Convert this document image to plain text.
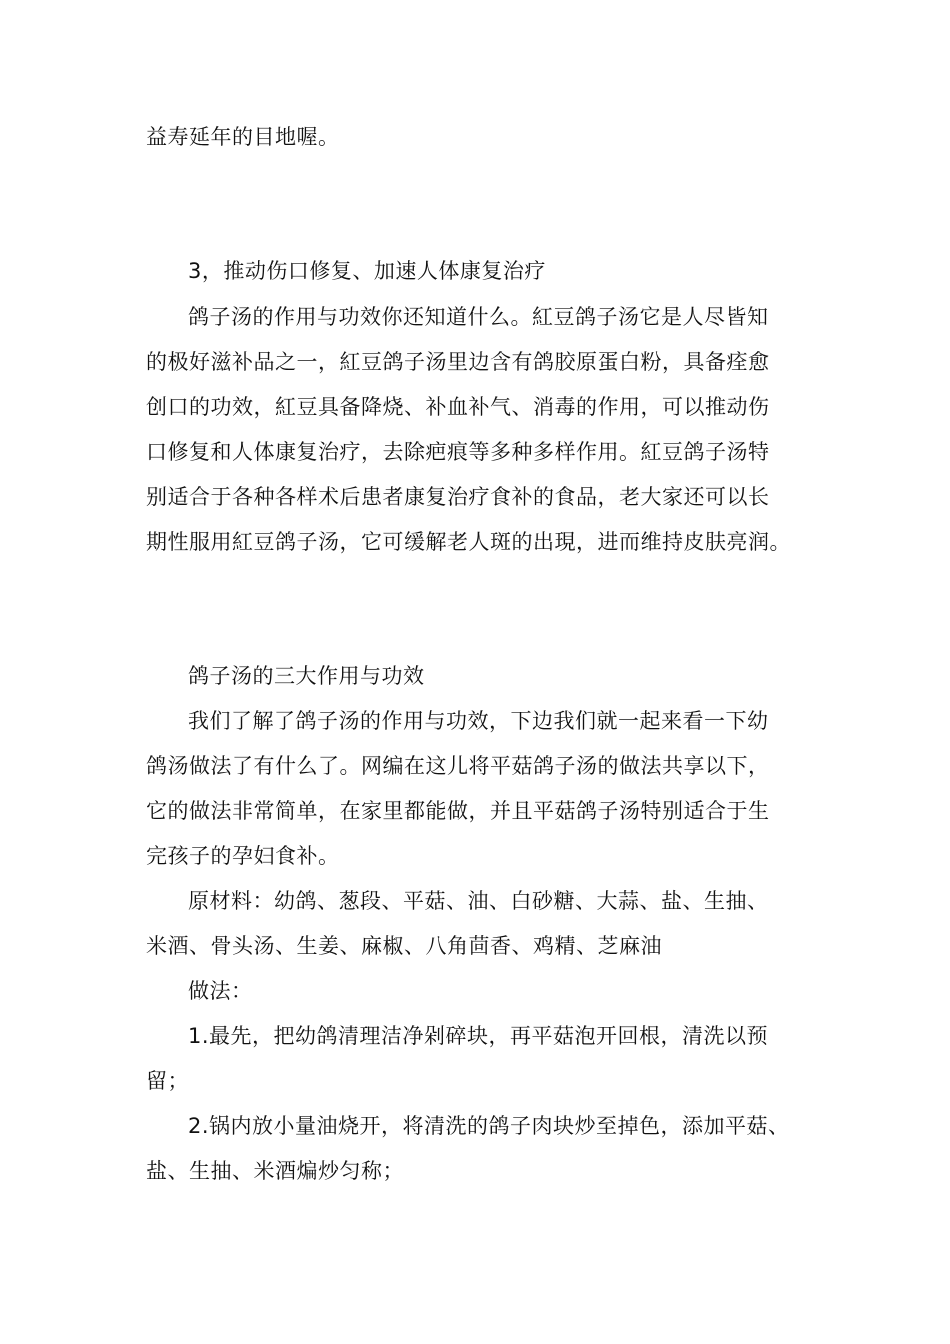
益寿延年的目地喔。
3，推动伤口修复、加速人体康复治疗
鸽子汤的作用与功效你还知道什么。紅豆鸽子汤它是人尽皆知
的极好滋补品之一，紅豆鸽子汤里边含有鸽胶原蛋白粉，具备痊愈
创口的功效，紅豆具备降烧、补血补气、消毒的作用，可以推动伤
口修复和人体康复治疗，去除疤痕等多种多样作用。紅豆鸽子汤特
别适合于各种各样术后患者康复治疗食补的食品，老大家还可以长
期性服用紅豆鸽子汤，它可缓解老人斑的出現，进而维持皮肤亮润。
鸽子汤的三大作用与功效
我们了解了鸽子汤的作用与功效，下边我们就一起来看一下幼
鸽汤做法了有什么了。网编在这儿将平菇鸽子汤的做法共享以下，
它的做法非常简单，在家里都能做，并且平菇鸽子汤特别适合于生
完孩子的孕妇食补。
原材料：幼鸽、葱段、平菇、油、白砂糖、大蒜、盐、生抽、
米酒、骨头汤、生姜、麻椒、八角茴香、鸡精、芝麻油
做法：
1.最先，把幼鸽清理洁净剁碎块，再平菇泡开回根，清洗以预
留；
2.锅内放小量油烧开，将清洗的鸽子肉块炒至掉色，添加平菇、
盐、生抽、米酒煸炒匀称；
